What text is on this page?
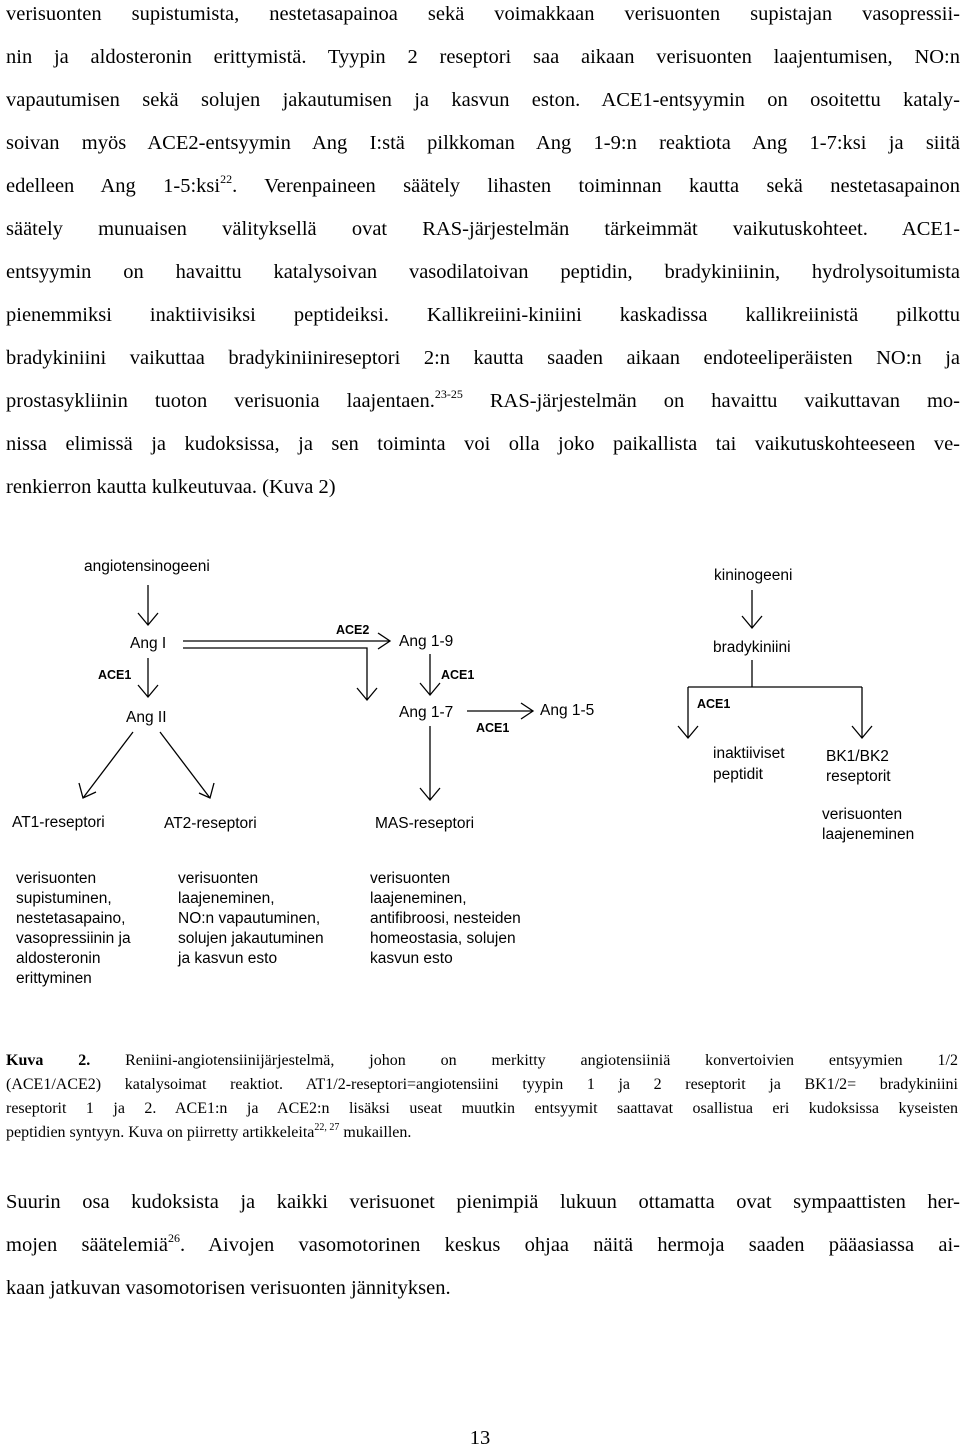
verisuonten supistumista, nestetasapainoa sekä voimakkaan verisuonten supistajan vasopressii-
nin ja aldosteronin erittymistä. Tyypin 2 reseptori saa aikaan verisuonten laajentumisen, NO:n
vapautumisen sekä solujen jakautumisen ja kasvun eston. ACE1-entsyymin on osoitettu kataly-
soivan myös ACE2-entsyymin Ang I:stä pilkkoman Ang 1-9:n reaktiota Ang 1-7:ksi ja siitä
edelleen Ang 1-5:ksi$^{22}$. Verenpaineen säätely lihasten toiminnan kautta sekä nestetasapainon
säätely munuaisen välityksellä ovat RAS-järjestelmän tärkeimmät vaikutuskohteet. ACE1-
entsyymin on havaittu katalysoivan vasodilatoivan peptidin, bradykiniinin, hydrolysoitumista
pienemmiksi inaktiivisiksi peptideiksi. Kallikreiini-kiniini kaskadissa kallikreiinistä pilkottu
bradykiniini vaikuttaa bradykiniinireseptori 2:n kautta saaden aikaan endoteeliperäisten NO:n ja
prostasykliinin tuoton verisuonia laajentaen.$^{23-25}$ RAS-järjestelmän on havaittu vaikuttavan mo-
nissa elimissä ja kudoksissa, ja sen toiminta voi olla joko paikallista tai vaikutuskohteeseen ve-
renkierron kautta kulkeutuvaa. (Kuva 2)
angiotensinogeeni
Ang I
ACE2
Ang 1-9
ACE1	ACE1
Ang II	Ang 1-7	Ang 1-5
ACE1
AT1-reseptori	AT2-reseptori	MAS-reseptori
kininogeeni
bradykiniini
ACE1
inaktiiviset
peptidit
BK1/BK2
reseptorit
verisuonten
laajeneminen
verisuonten
supistuminen,
nestetasapaino,
vasopressiinin ja
aldosteronin
erittyminen
verisuonten
laajeneminen,
NO:n vapautuminen,
solujen jakautuminen
ja kasvun esto
verisuonten
laajeneminen,
antifibroosi, nesteiden
homeostasia, solujen
kasvun esto
Kuva 2. Reniini-angiotensiinijärjestelmä, johon on merkitty angiotensiiniä konvertoivien entsyymien 1/2
(ACE1/ACE2) katalysoimat reaktiot. AT1/2-reseptori=angiotensiini tyypin 1 ja 2 reseptorit ja BK1/2= bradykiniini
reseptorit 1 ja 2. ACE1:n ja ACE2:n lisäksi useat muutkin entsyymit saattavat osallistua eri kudoksissa kyseisten
peptidien syntyyn. Kuva on piirretty artikkeleita$^{22, 27}$ mukaillen.
Suurin osa kudoksista ja kaikki verisuonet pienimpiä lukuun ottamatta ovat sympaattisten her-
mojen säätelemiä$^{26}$. Aivojen vasomotorinen keskus ohjaa näitä hermoja saaden pääasiassa ai-
kaan jatkuvan vasomotorisen verisuonten jännityksen.
13
